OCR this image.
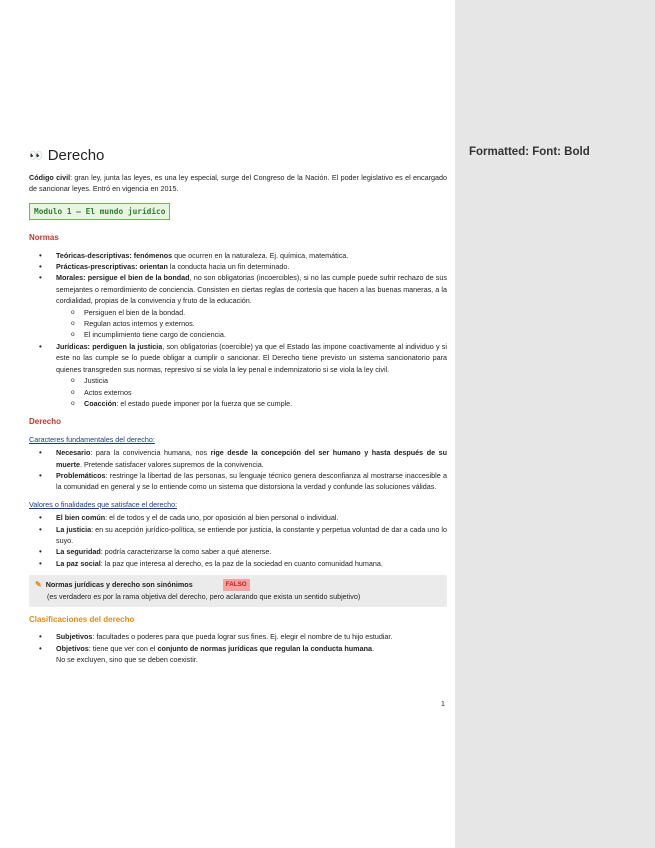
👀 Derecho
Código civil: gran ley, junta las leyes, es una ley especial, surge del Congreso de la Nación. El poder legislativo es el encargado de sancionar leyes. Entró en vigencia en 2015.
Modulo 1 – El mundo jurídico
Normas
• Teóricas-descriptivas: fenómenos que ocurren en la naturaleza. Ej. química, matemática.
• Prácticas-prescriptivas: orientan la conducta hacia un fin determinado.
• Morales: persigue el bien de la bondad, no son obligatorias (incoercibles), si no las cumple puede sufrir rechazo de sus semejantes o remordimiento de conciencia. Consisten en ciertas reglas de cortesía que hacen a las buenas maneras, a la cordialidad, propias de la convivencia y fruto de la educación.
o Persiguen el bien de la bondad.
o Regulan actos internos y externos.
o El incumplimiento tiene cargo de conciencia.
• Jurídicas: perdiguen la justicia, son obligatorias (coercible) ya que el Estado las impone coactivamente al individuo y si este no las cumple se lo puede obligar a cumplir o sancionar. El Derecho tiene previsto un sistema sancionatorio para quienes transgreden sus normas, represivo si se viola la ley penal e indemnizatorio si se viola la ley civil.
o Justicia
o Actos externos
o Coacción: el estado puede imponer por la fuerza que se cumple.
Derecho
Caracteres fundamentales del derecho:
• Necesario: para la convivencia humana, nos rige desde la concepción del ser humano y hasta después de su muerte. Pretende satisfacer valores supremos de la convivencia.
• Problemáticos: restringe la libertad de las personas, su lenguaje técnico genera desconfianza al mostrarse inaccesible a la comunidad en general y se lo entiende como un sistema que distorsiona la verdad y confunde las soluciones válidas.
Valores o finalidades que satisface el derecho:
• El bien común: el de todos y el de cada uno, por oposición al bien personal o individual.
• La justicia: en su acepción jurídico-política, se entiende por justicia, la constante y perpetua voluntad de dar a cada uno lo suyo.
• La seguridad: podría caracterizarse la como saber a qué atenerse.
• La paz social: la paz que interesa al derecho, es la paz de la sociedad en cuanto comunidad humana.
✎ Normas jurídicas y derecho son sinónimos	FALSO
(es verdadero es por la rama objetiva del derecho, pero aclarando que exista un sentido subjetivo)
Clasificaciones del derecho
• Subjetivos: facultades o poderes para que pueda lograr sus fines. Ej. elegir el nombre de tu hijo estudiar.
• Objetivos: tiene que ver con el conjunto de normas jurídicas que regulan la conducta humana.
No se excluyen, sino que se deben coexistir.
1
Formatted: Font: Bold
